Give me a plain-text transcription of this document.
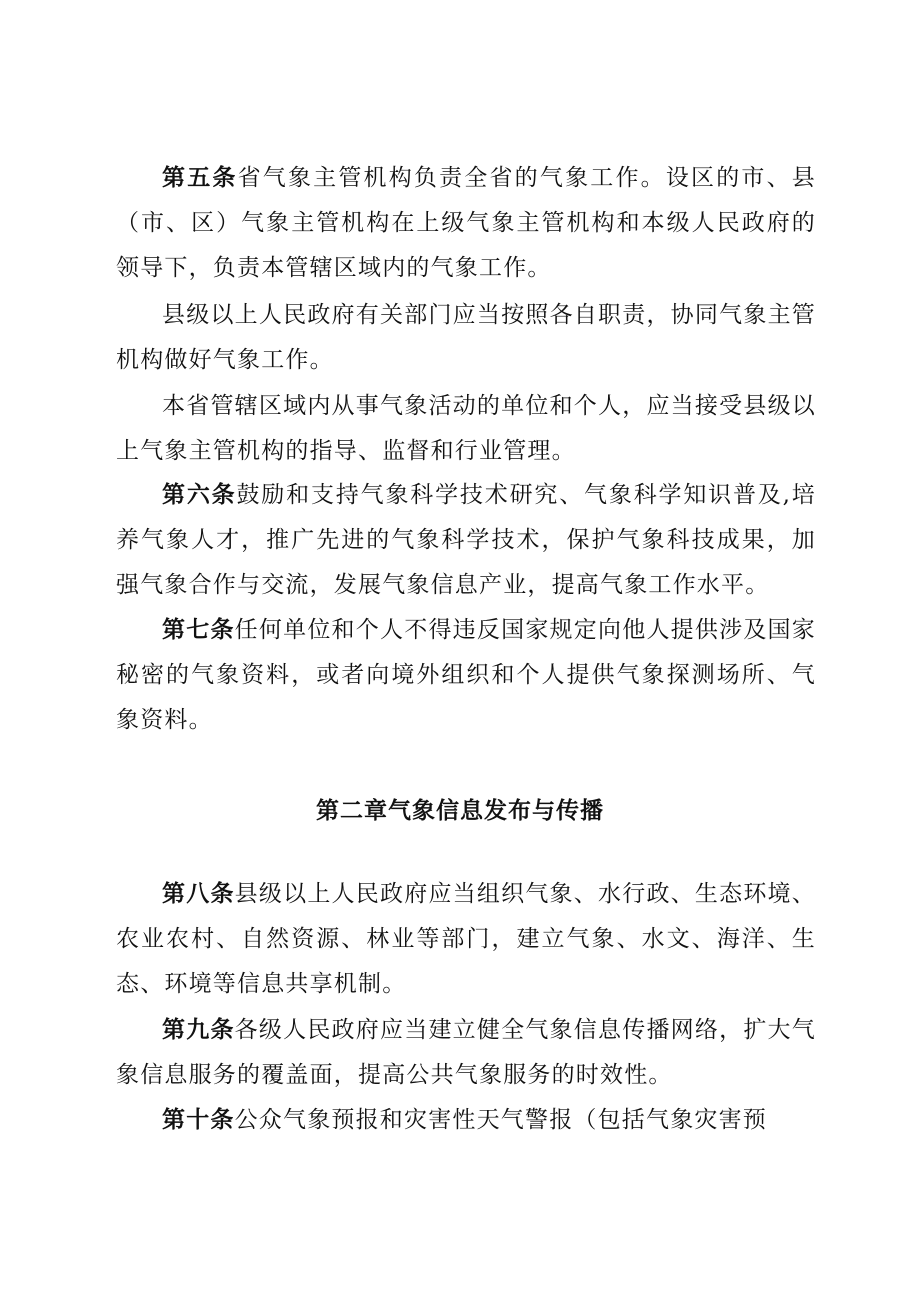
第五条省气象主管机构负责全省的气象工作。设区的市、县（市、区）气象主管机构在上级气象主管机构和本级人民政府的领导下，负责本管辖区域内的气象工作。

县级以上人民政府有关部门应当按照各自职责，协同气象主管机构做好气象工作。

本省管辖区域内从事气象活动的单位和个人，应当接受县级以上气象主管机构的指导、监督和行业管理。

第六条鼓励和支持气象科学技术研究、气象科学知识普及,培养气象人才，推广先进的气象科学技术，保护气象科技成果，加强气象合作与交流，发展气象信息产业，提高气象工作水平。

第七条任何单位和个人不得违反国家规定向他人提供涉及国家秘密的气象资料，或者向境外组织和个人提供气象探测场所、气象资料。

第二章气象信息发布与传播

第八条县级以上人民政府应当组织气象、水行政、生态环境、农业农村、自然资源、林业等部门，建立气象、水文、海洋、生态、环境等信息共享机制。

第九条各级人民政府应当建立健全气象信息传播网络，扩大气象信息服务的覆盖面，提高公共气象服务的时效性。

第十条公众气象预报和灾害性天气警报（包括气象灾害预
